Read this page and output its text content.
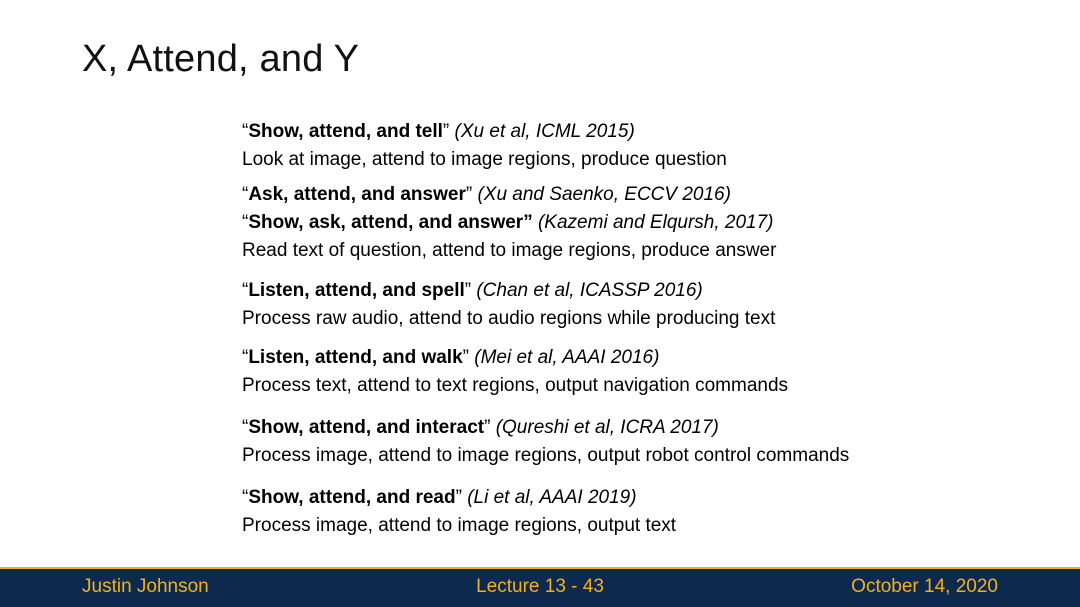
X, Attend, and Y
“Show, attend, and tell” (Xu et al, ICML 2015)
Look at image, attend to image regions, produce question
“Ask, attend, and answer” (Xu and Saenko, ECCV 2016)
“Show, ask, attend, and answer” (Kazemi and Elqursh, 2017)
Read text of question, attend to image regions, produce answer
“Listen, attend, and spell” (Chan et al, ICASSP 2016)
Process raw audio, attend to audio regions while producing text
“Listen, attend, and walk” (Mei et al, AAAI 2016)
Process text, attend to text regions, output navigation commands
“Show, attend, and interact” (Qureshi et al, ICRA 2017)
Process image, attend to image regions, output robot control commands
“Show, attend, and read” (Li et al, AAAI 2019)
Process image, attend to image regions, output text
Justin Johnson	Lecture 13 - 43	October 14, 2020
